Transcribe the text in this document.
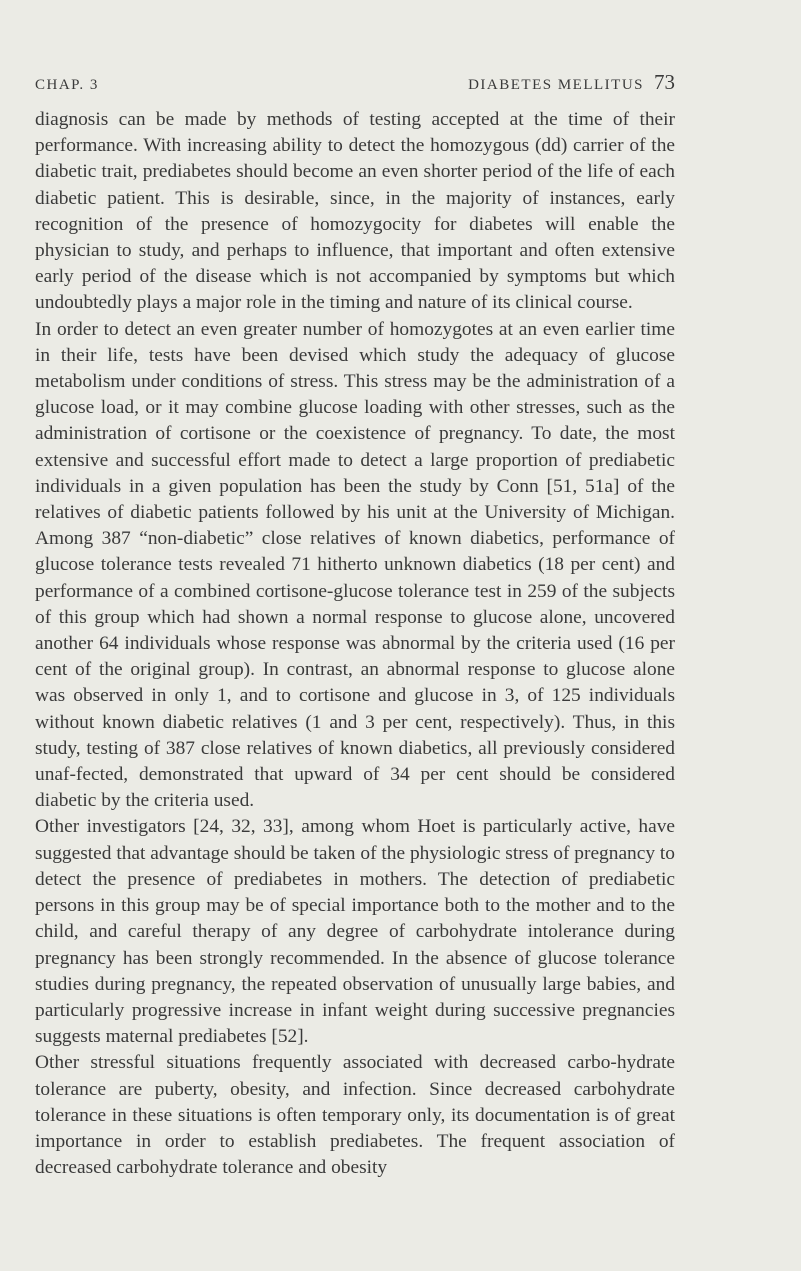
CHAP. 3	DIABETES MELLITUS 73

diagnosis can be made by methods of testing accepted at the time of their performance. With increasing ability to detect the homozygous (dd) carrier of the diabetic trait, prediabetes should become an even shorter period of the life of each diabetic patient. This is desirable, since, in the majority of instances, early recognition of the presence of homozygocity for diabetes will enable the physician to study, and perhaps to influence, that important and often extensive early period of the disease which is not accompanied by symptoms but which undoubtedly plays a major role in the timing and nature of its clinical course.

In order to detect an even greater number of homozygotes at an even earlier time in their life, tests have been devised which study the adequacy of glucose metabolism under conditions of stress. This stress may be the administration of a glucose load, or it may combine glucose loading with other stresses, such as the administration of cortisone or the coexistence of pregnancy. To date, the most extensive and successful effort made to detect a large proportion of prediabetic individuals in a given population has been the study by Conn [51, 51a] of the relatives of diabetic patients followed by his unit at the University of Michigan. Among 387 “non-diabetic” close relatives of known diabetics, performance of glucose tolerance tests revealed 71 hitherto unknown diabetics (18 per cent) and performance of a combined cortisone-glucose tolerance test in 259 of the subjects of this group which had shown a normal response to glucose alone, uncovered another 64 individuals whose response was abnormal by the criteria used (16 per cent of the original group). In contrast, an abnormal response to glucose alone was observed in only 1, and to cortisone and glucose in 3, of 125 individuals without known diabetic relatives (1 and 3 per cent, respectively). Thus, in this study, testing of 387 close relatives of known diabetics, all previously considered unaf-fected, demonstrated that upward of 34 per cent should be considered diabetic by the criteria used.

Other investigators [24, 32, 33], among whom Hoet is particularly active, have suggested that advantage should be taken of the physiologic stress of pregnancy to detect the presence of prediabetes in mothers. The detection of prediabetic persons in this group may be of special importance both to the mother and to the child, and careful therapy of any degree of carbohydrate intolerance during pregnancy has been strongly recommended. In the absence of glucose tolerance studies during pregnancy, the repeated observation of unusually large babies, and particularly progressive increase in infant weight during successive pregnancies suggests maternal prediabetes [52].

Other stressful situations frequently associated with decreased carbo-hydrate tolerance are puberty, obesity, and infection. Since decreased carbohydrate tolerance in these situations is often temporary only, its documentation is of great importance in order to establish prediabetes. The frequent association of decreased carbohydrate tolerance and obesity
